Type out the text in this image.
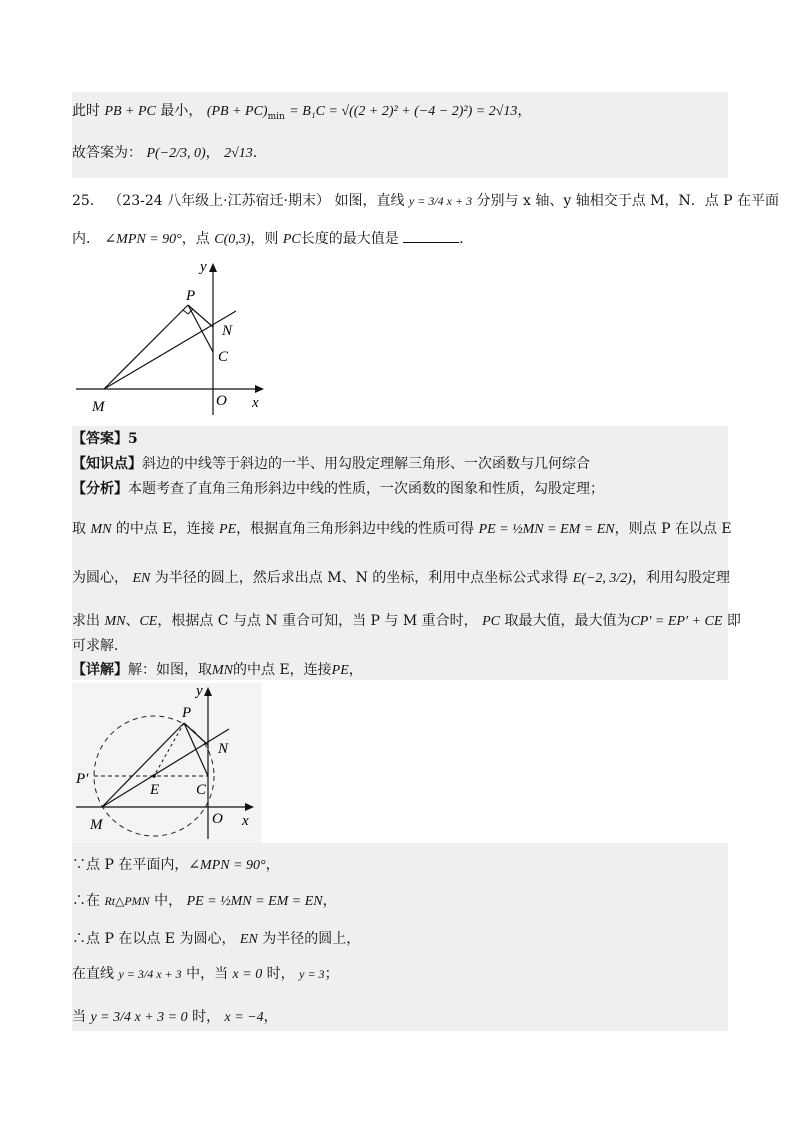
此时 PB + PC 最小， $(PB + PC)_{min} = B_1C = √((2 + 2)^2 + (-4 - 2)^2) = 2√13$，
故答案为： P(−2/3, 0)， 2√13．
25． （23-24 八年级上·江苏宿迁·期末） 如图，直线 y = 3/4 x + 3 分别与 x 轴、y 轴相交于点 M，N．点 P 在平面
内． ∠MPN = 90°，点 C(0,3)，则 PC长度的最大值是	．
y
P
N
C
M	O x
【答案】5
【知识点】斜边的中线等于斜边的一半、用勾股定理解三角形、一次函数与几何综合
【分析】本题考查了直角三角形斜边中线的性质，一次函数的图象和性质，勾股定理；
取 MN 的中点 E，连接 PE，根据直角三角形斜边中线的性质可得 PE = ½MN = EM = EN，则点 P 在以点 E
为圆心， EN 为半径的圆上，然后求出点 M、N 的坐标，利用中点坐标公式求得 E(−2, 3/2)，利用勾股定理
求出 MN、CE，根据点 C 与点 N 重合可知，当 P 与 M 重合时， PC 取最大值，最大值为CP′ = EP′ + CE 即
可求解．
【详解】解：如图，取MN的中点 E，连接PE，
y
P
N
P′
E C
M	O x
∵点 P 在平面内，∠MPN = 90°，
∴在 Rt△PMN 中， PE = ½MN = EM = EN，
∴点 P 在以点 E 为圆心， EN 为半径的圆上，
在直线 y = 3/4 x + 3 中，当 x = 0 时， y = 3；
当 y = 3/4 x + 3 = 0 时， x = −4，
